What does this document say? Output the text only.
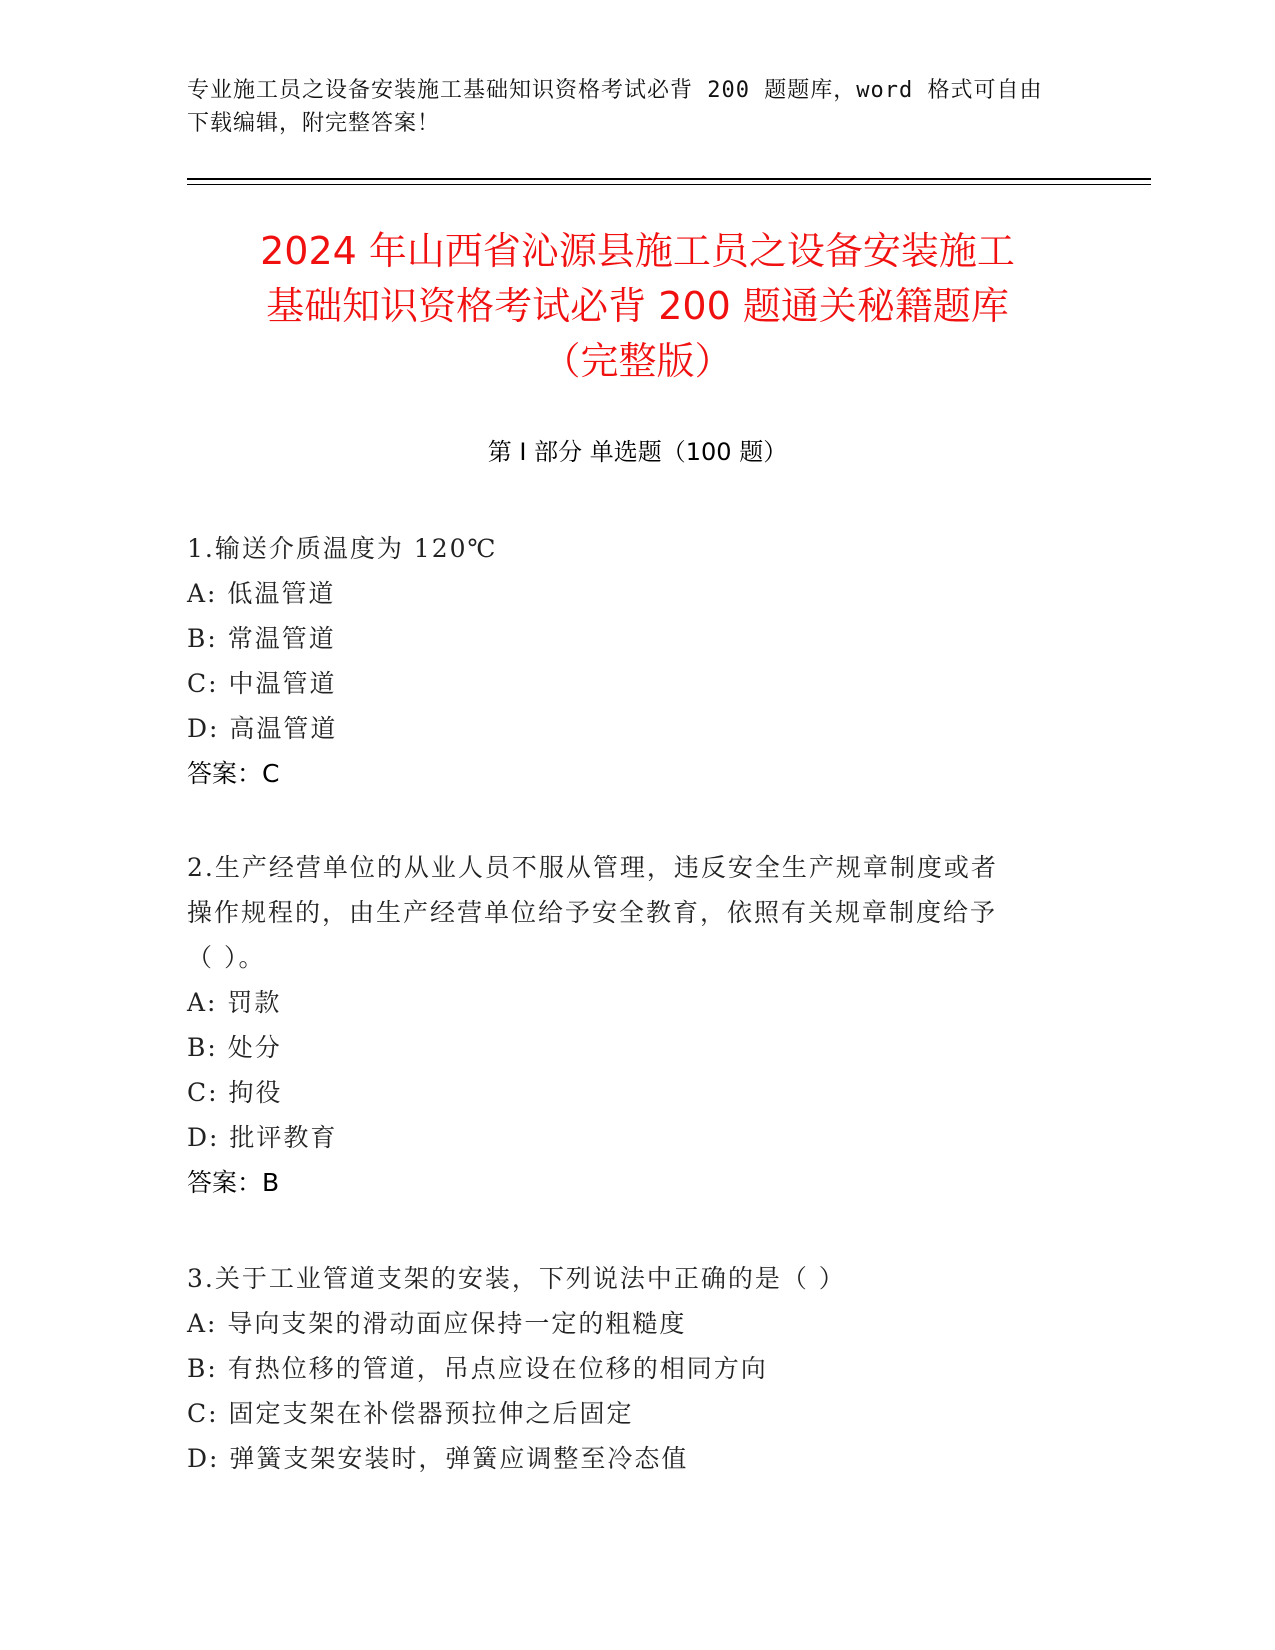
专业施工员之设备安装施工基础知识资格考试必背 200 题题库，word 格式可自由
下载编辑，附完整答案！
2024 年山西省沁源县施工员之设备安装施工
基础知识资格考试必背 200 题通关秘籍题库
（完整版）
第 I 部分 单选题（100 题）
1.输送介质温度为 120℃
A: 低温管道
B: 常温管道
C: 中温管道
D: 高温管道
答案：C
2.生产经营单位的从业人员不服从管理，违反安全生产规章制度或者
操作规程的，由生产经营单位给予安全教育，依照有关规章制度给予
（ ）。
A: 罚款
B: 处分
C: 拘役
D: 批评教育
答案：B
3.关于工业管道支架的安装，下列说法中正确的是（ ）
A: 导向支架的滑动面应保持一定的粗糙度
B: 有热位移的管道，吊点应设在位移的相同方向
C: 固定支架在补偿器预拉伸之后固定
D: 弹簧支架安装时，弹簧应调整至冷态值
